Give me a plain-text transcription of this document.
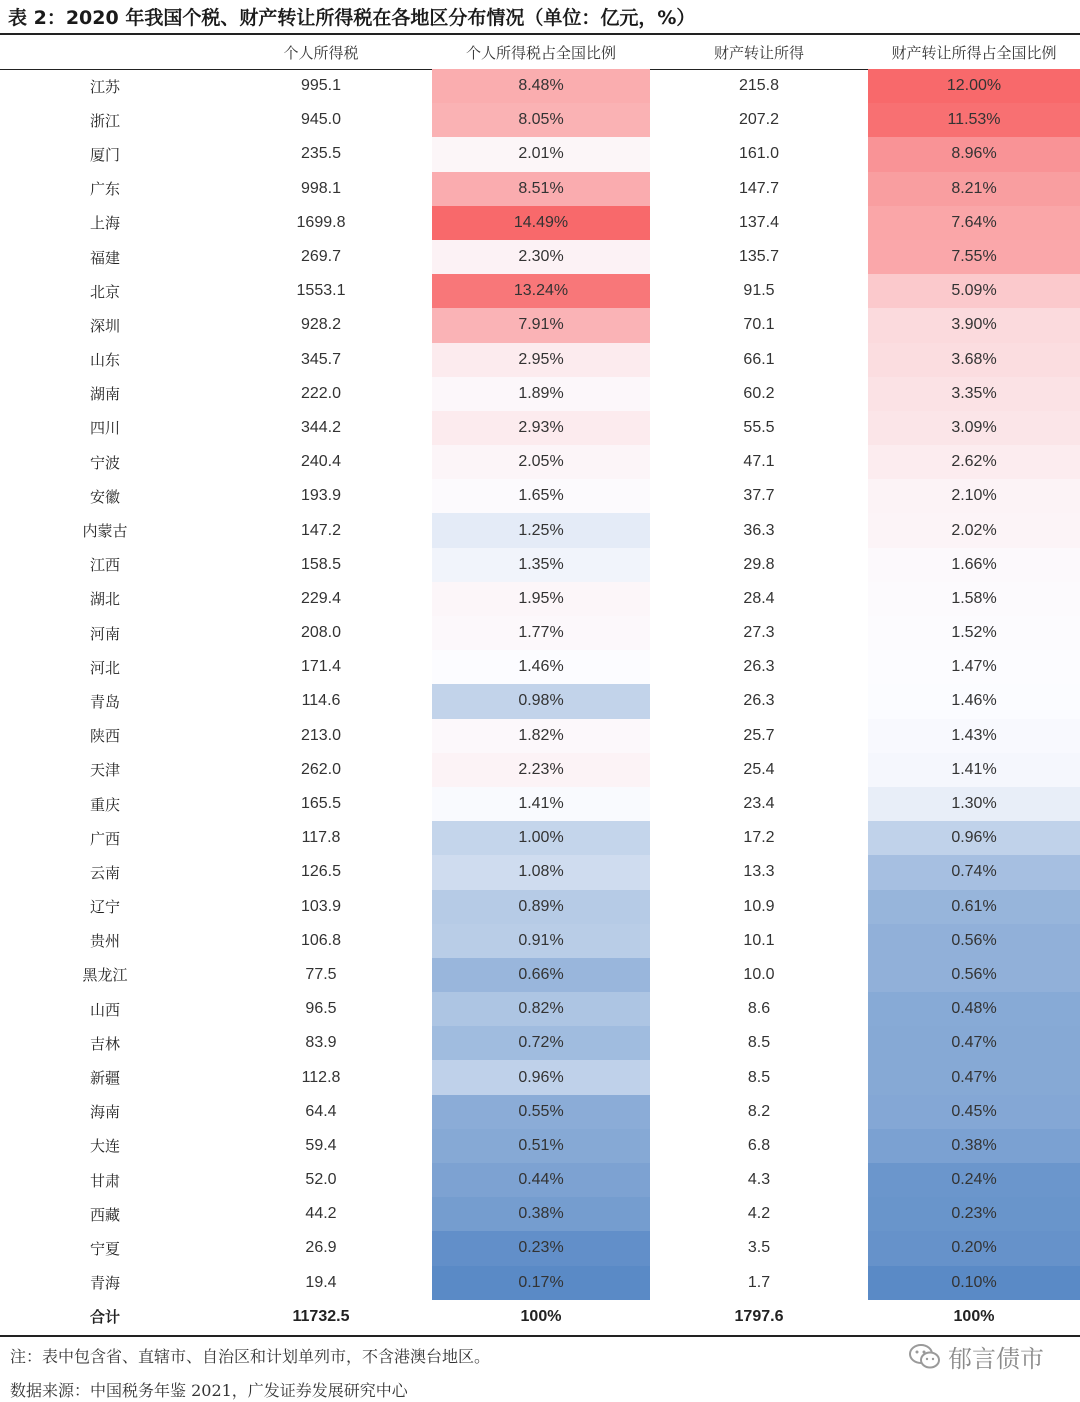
表 2：2020 年我国个税、财产转让所得税在各地区分布情况（单位：亿元，%）
	个人所得税	个人所得税占全国比例	财产转让所得	财产转让所得占全国比例
江苏	995.1	8.48%	215.8	12.00%
浙江	945.0	8.05%	207.2	11.53%
厦门	235.5	2.01%	161.0	8.96%
广东	998.1	8.51%	147.7	8.21%
上海	1699.8	14.49%	137.4	7.64%
福建	269.7	2.30%	135.7	7.55%
北京	1553.1	13.24%	91.5	5.09%
深圳	928.2	7.91%	70.1	3.90%
山东	345.7	2.95%	66.1	3.68%
湖南	222.0	1.89%	60.2	3.35%
四川	344.2	2.93%	55.5	3.09%
宁波	240.4	2.05%	47.1	2.62%
安徽	193.9	1.65%	37.7	2.10%
内蒙古	147.2	1.25%	36.3	2.02%
江西	158.5	1.35%	29.8	1.66%
湖北	229.4	1.95%	28.4	1.58%
河南	208.0	1.77%	27.3	1.52%
河北	171.4	1.46%	26.3	1.47%
青岛	114.6	0.98%	26.3	1.46%
陕西	213.0	1.82%	25.7	1.43%
天津	262.0	2.23%	25.4	1.41%
重庆	165.5	1.41%	23.4	1.30%
广西	117.8	1.00%	17.2	0.96%
云南	126.5	1.08%	13.3	0.74%
辽宁	103.9	0.89%	10.9	0.61%
贵州	106.8	0.91%	10.1	0.56%
黑龙江	77.5	0.66%	10.0	0.56%
山西	96.5	0.82%	8.6	0.48%
吉林	83.9	0.72%	8.5	0.47%
新疆	112.8	0.96%	8.5	0.47%
海南	64.4	0.55%	8.2	0.45%
大连	59.4	0.51%	6.8	0.38%
甘肃	52.0	0.44%	4.3	0.24%
西藏	44.2	0.38%	4.2	0.23%
宁夏	26.9	0.23%	3.5	0.20%
青海	19.4	0.17%	1.7	0.10%
合计	11732.5	100%	1797.6	100%
注：表中包含省、直辖市、自治区和计划单列市，不含港澳台地区。
数据来源：中国税务年鉴 2021，广发证券发展研究中心
郁言债市
